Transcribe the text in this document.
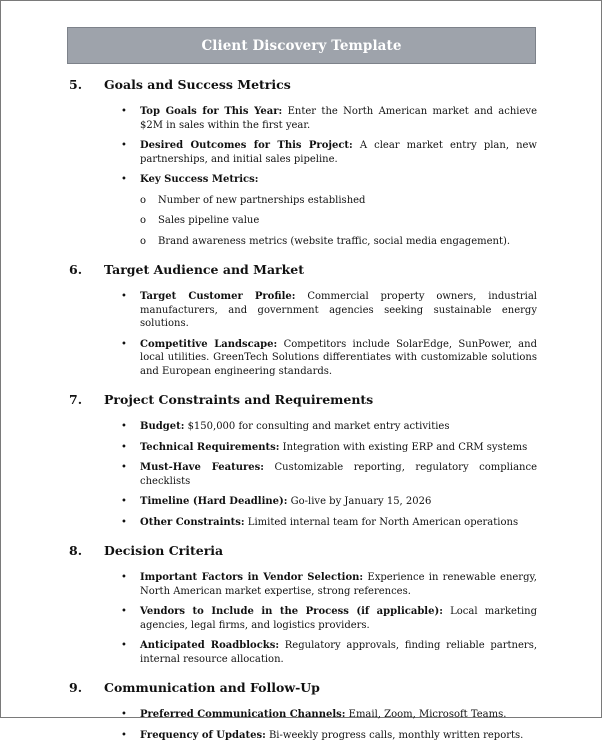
Client Discovery Template
5.	Goals and Success Metrics
• Top Goals for This Year: Enter the North American market and achieve $2M in sales within the first year.
• Desired Outcomes for This Project: A clear market entry plan, new partnerships, and initial sales pipeline.
• Key Success Metrics:
o Number of new partnerships established
o Sales pipeline value
o Brand awareness metrics (website traffic, social media engagement).
6.	Target Audience and Market
• Target Customer Profile: Commercial property owners, industrial manufacturers, and government agencies seeking sustainable energy solutions.
• Competitive Landscape: Competitors include SolarEdge, SunPower, and local utilities. GreenTech Solutions differentiates with customizable solutions and European engineering standards.
7.	Project Constraints and Requirements
• Budget: $150,000 for consulting and market entry activities
• Technical Requirements: Integration with existing ERP and CRM systems
• Must-Have Features: Customizable reporting, regulatory compliance checklists
• Timeline (Hard Deadline): Go-live by January 15, 2026
• Other Constraints: Limited internal team for North American operations
8.	Decision Criteria
• Important Factors in Vendor Selection: Experience in renewable energy, North American market expertise, strong references.
• Vendors to Include in the Process (if applicable): Local marketing agencies, legal firms, and logistics providers.
• Anticipated Roadblocks: Regulatory approvals, finding reliable partners, internal resource allocation.
9.	Communication and Follow-Up
• Preferred Communication Channels: Email, Zoom, Microsoft Teams.
• Frequency of Updates: Bi-weekly progress calls, monthly written reports.
